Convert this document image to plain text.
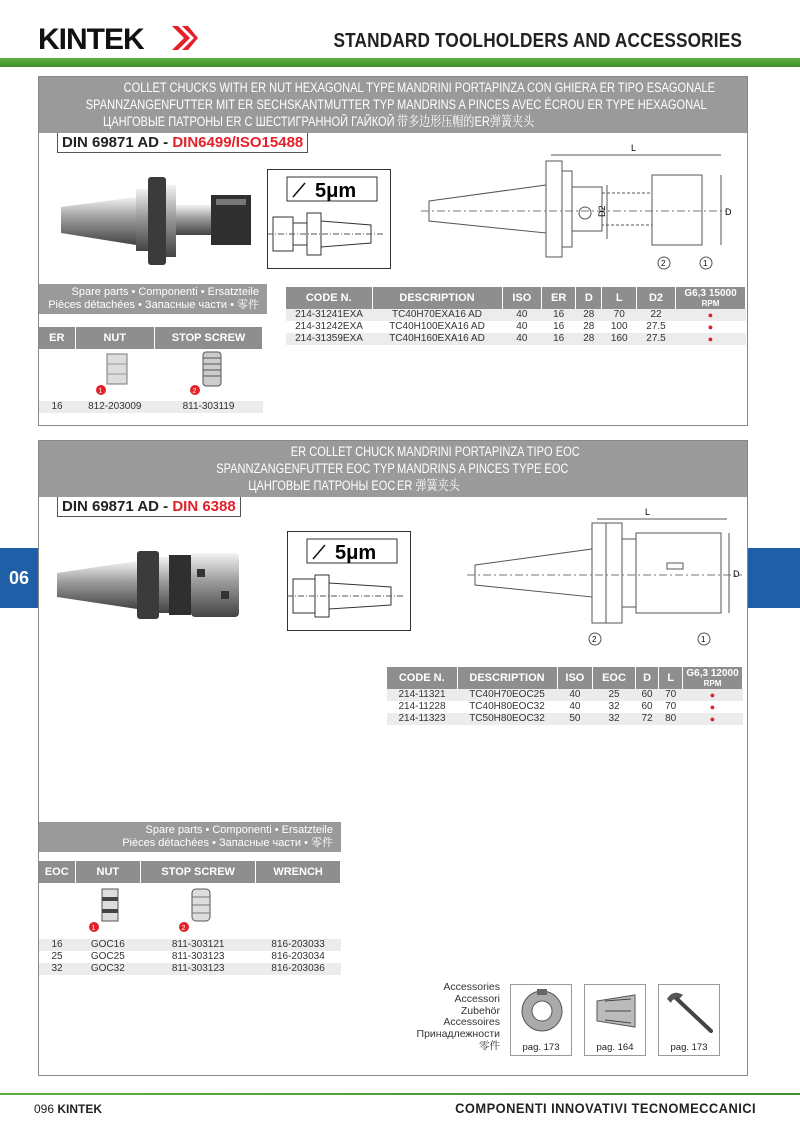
KINTEK	STANDARD TOOLHOLDERS AND ACCESSORIES
06
COLLET CHUCKS WITH ER NUT HEXAGONAL TYPE
SPANNZANGENFUTTER MIT ER SECHSKANTMUTTER TYP
ЦАНГОВЫЕ ПАТРОНЫ ER С ШЕСТИГРАННОЙ ГАЙКОЙ
MANDRINI PORTAPINZA CON GHIERA ER TIPO ESAGONALE
MANDRINS A PINCES AVEC ÉCROU ER TYPE HEXAGONAL
带多边形压帽的ER弹簧夹头
DIN 69871 AD - DIN6499/ISO15488
5μm
L
D2	D
2	1
Spare parts • Componenti • Ersatzteile
Pièces détachées • Запасные части • 零件
ER	NUT	STOP SCREW

1	2

16	812-203009	811-303119
CODE N.	DESCRIPTION	ISO	ER	D	L	D2	G6,3 15000
RPM

214-31241EXA	TC40H70EXA16 AD	40	16	28	70	22	●
214-31242EXA	TC40H100EXA16 AD	40	16	28	100	27.5	●
214-31359EXA	TC40H160EXA16 AD	40	16	28	160	27.5	●
ER COLLET CHUCK
SPANNZANGENFUTTER EOC TYP
ЦАНГОВЫЕ ПАТРОНЫ EOC
MANDRINI PORTAPINZA TIPO EOC
MANDRINS A PINCES TYPE EOC
ER 弹簧夹头
DIN 69871 AD - DIN 6388
5μm
L
D
2	1
CODE N.	DESCRIPTION	ISO	EOC	D	L	G6,3 12000
RPM

214-11321	TC40H70EOC25	40	25	60	70	●
214-11228	TC40H80EOC32	40	32	60	70	●
214-11323	TC50H80EOC32	50	32	72	80	●
Spare parts • Componenti • Ersatzteile
Pièces détachées • Запасные части • 零件
EOC	NUT	STOP SCREW	WRENCH

1	2	

16	GOC16	811-303121	816-203033
25	GOC25	811-303123	816-203034
32	GOC32	811-303123	816-203036
Accessories
Accessori
Zubehör
Accessoires
Принадлежности
零件	pag. 173	pag. 164	pag. 173
096 KINTEK	COMPONENTI INNOVATIVI TECNOMECCANICI
